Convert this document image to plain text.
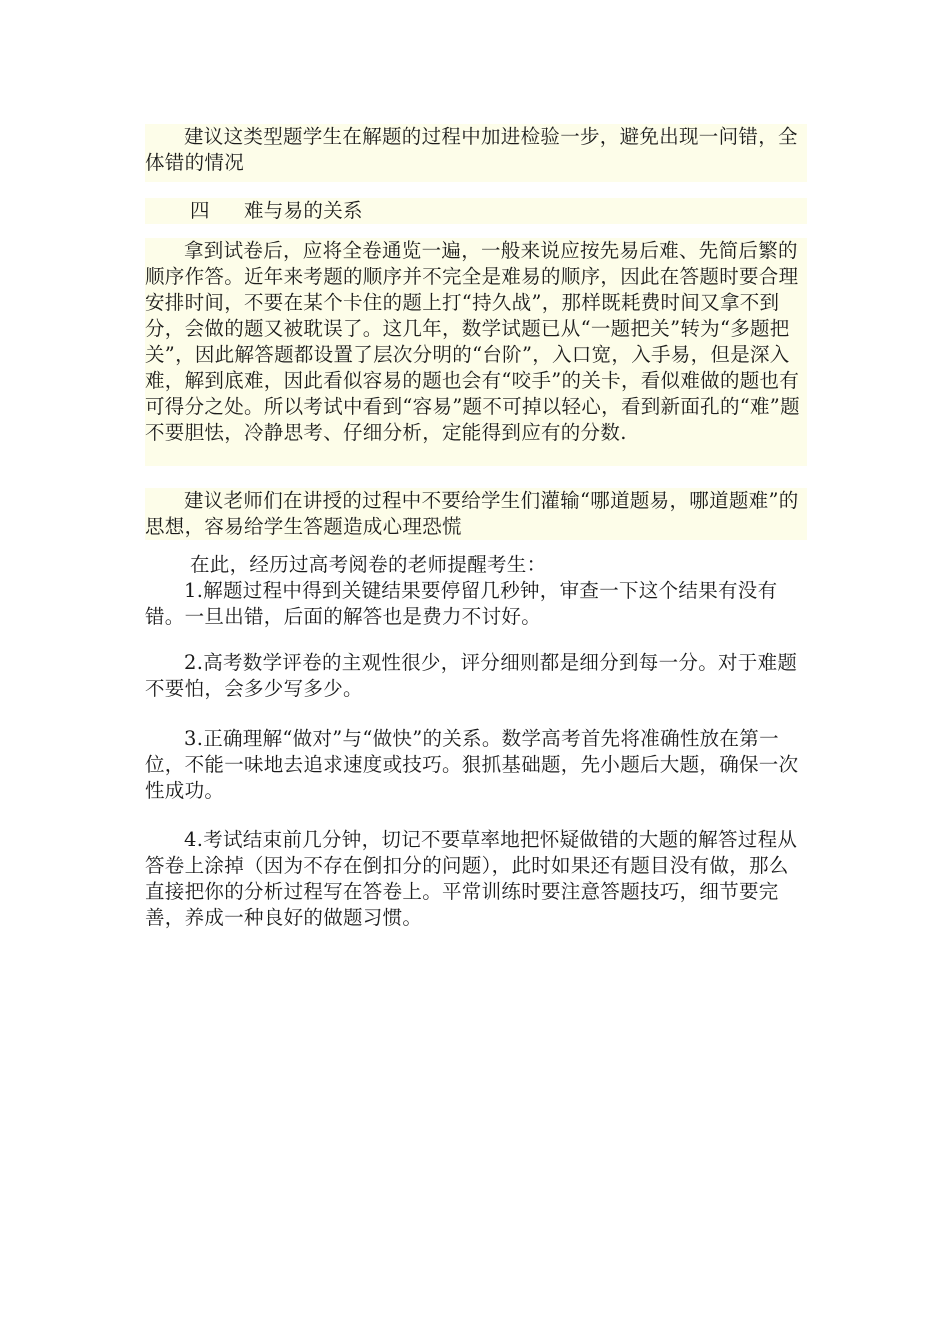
建议这类型题学生在解题的过程中加进检验一步，避免出现一问错，全体错的情况
四 难与易的关系
拿到试卷后，应将全卷通览一遍，一般来说应按先易后难、先简后繁的顺序作答。近年来考题的顺序并不完全是难易的顺序，因此在答题时要合理安排时间，不要在某个卡住的题上打“持久战”，那样既耗费时间又拿不到分，会做的题又被耽误了。这几年，数学试题已从“一题把关”转为“多题把关”，因此解答题都设置了层次分明的“台阶”，入口宽，入手易，但是深入难，解到底难，因此看似容易的题也会有“咬手”的关卡，看似难做的题也有可得分之处。所以考试中看到“容易”题不可掉以轻心，看到新面孔的“难”题不要胆怯，冷静思考、仔细分析，定能得到应有的分数.
建议老师们在讲授的过程中不要给学生们灌输“哪道题易，哪道题难”的思想，容易给学生答题造成心理恐慌
在此，经历过高考阅卷的老师提醒考生：
1.解题过程中得到关键结果要停留几秒钟，审查一下这个结果有没有错。一旦出错，后面的解答也是费力不讨好。
2.高考数学评卷的主观性很少，评分细则都是细分到每一分。对于难题不要怕，会多少写多少。
3.正确理解“做对”与“做快”的关系。数学高考首先将准确性放在第一位，不能一味地去追求速度或技巧。狠抓基础题，先小题后大题，确保一次性成功。
4.考试结束前几分钟，切记不要草率地把怀疑做错的大题的解答过程从答卷上涂掉（因为不存在倒扣分的问题），此时如果还有题目没有做，那么直接把你的分析过程写在答卷上。平常训练时要注意答题技巧，细节要完善，养成一种良好的做题习惯。
